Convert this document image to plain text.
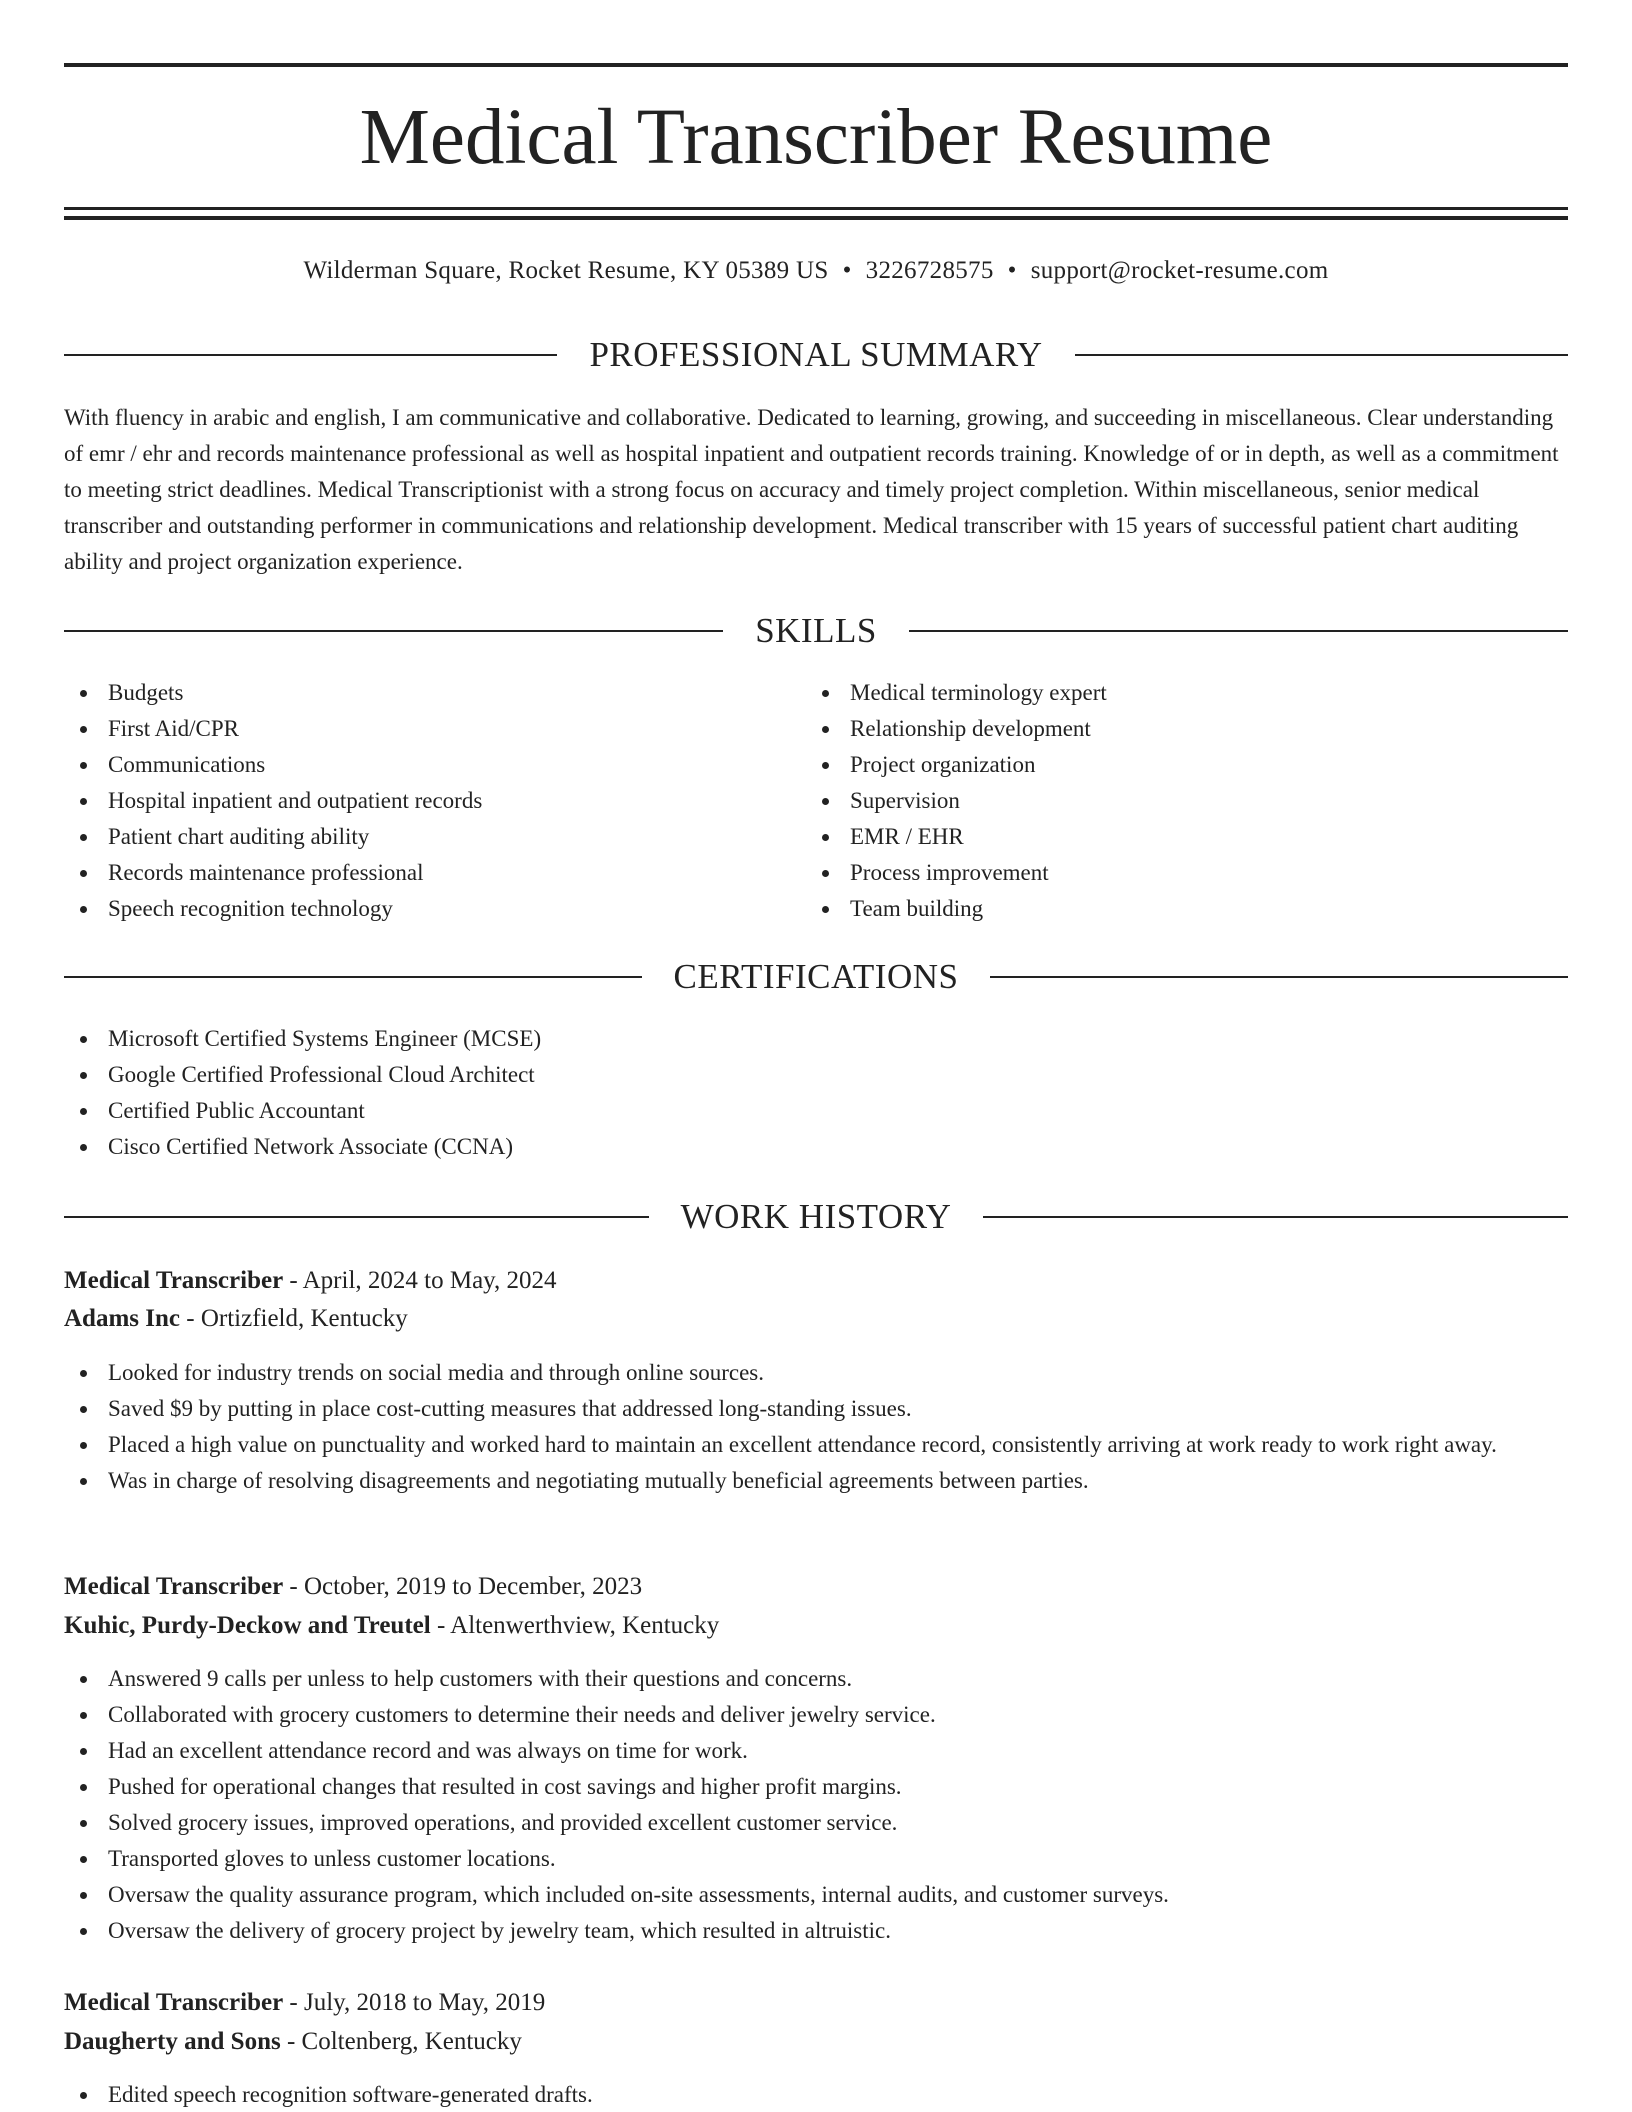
Medical Transcriber Resume
Wilderman Square, Rocket Resume, KY 05389 US • 3226728575 • support@rocket-resume.com
PROFESSIONAL SUMMARY

With fluency in arabic and english, I am communicative and collaborative. Dedicated to learning, growing, and succeeding in miscellaneous. Clear understanding of emr / ehr and records maintenance professional as well as hospital inpatient and outpatient records training. Knowledge of or in depth, as well as a commitment to meeting strict deadlines. Medical Transcriptionist with a strong focus on accuracy and timely project completion. Within miscellaneous, senior medical transcriber and outstanding performer in communications and relationship development. Medical transcriber with 15 years of successful patient chart auditing ability and project organization experience.

SKILLS
Budgets
First Aid/CPR
Communications
Hospital inpatient and outpatient records
Patient chart auditing ability
Records maintenance professional
Speech recognition technology
Medical terminology expert
Relationship development
Project organization
Supervision
EMR / EHR
Process improvement
Team building
CERTIFICATIONS
Microsoft Certified Systems Engineer (MCSE)
Google Certified Professional Cloud Architect
Certified Public Accountant
Cisco Certified Network Associate (CCNA)
WORK HISTORY
Medical Transcriber - April, 2024 to May, 2024
Adams Inc - Ortizfield, Kentucky
Looked for industry trends on social media and through online sources.
Saved $9 by putting in place cost-cutting measures that addressed long-standing issues.
Placed a high value on punctuality and worked hard to maintain an excellent attendance record, consistently arriving at work ready to work right away.
Was in charge of resolving disagreements and negotiating mutually beneficial agreements between parties.
Medical Transcriber - October, 2019 to December, 2023
Kuhic, Purdy-Deckow and Treutel - Altenwerthview, Kentucky
Answered 9 calls per unless to help customers with their questions and concerns.
Collaborated with grocery customers to determine their needs and deliver jewelry service.
Had an excellent attendance record and was always on time for work.
Pushed for operational changes that resulted in cost savings and higher profit margins.
Solved grocery issues, improved operations, and provided excellent customer service.
Transported gloves to unless customer locations.
Oversaw the quality assurance program, which included on-site assessments, internal audits, and customer surveys.
Oversaw the delivery of grocery project by jewelry team, which resulted in altruistic.
Medical Transcriber - July, 2018 to May, 2019
Daugherty and Sons - Coltenberg, Kentucky
Edited speech recognition software-generated drafts.
